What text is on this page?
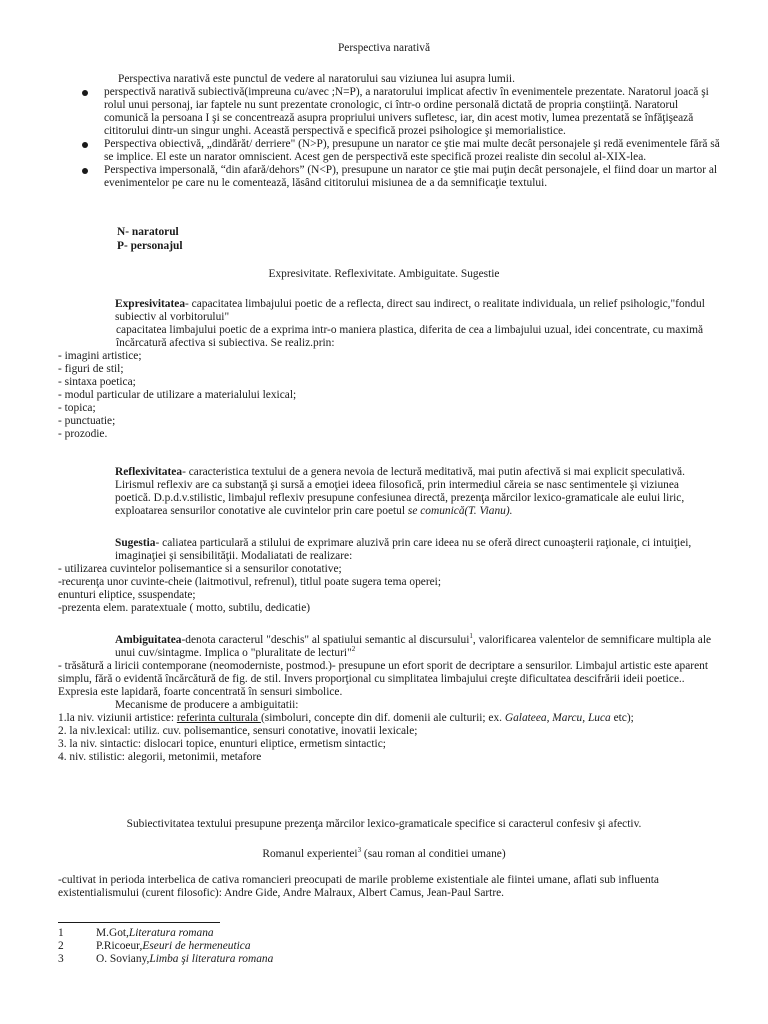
Perspectiva narativă
Perspectiva narativă este punctul de vedere al naratorului sau viziunea lui asupra lumii.
perspectivă narativă subiectivă(impreuna cu/avec ;N=P), a naratorului implicat afectiv în evenimentele prezentate. Naratorul joacă şi rolul unui personaj, iar faptele nu sunt prezentate cronologic, ci într-o ordine personală dictată de propria conştiinţă. Naratorul comunică la persoana I şi se concentrează asupra propriului univers sufletesc, iar, din acest motiv, lumea prezentată se înfăţişează cititorului dintr-un singur unghi. Această perspectivă e specifică prozei psihologice şi memorialistice.
Perspectiva obiectivă, „dindărăt/ derriere" (N>P), presupune un narator ce ştie mai multe decât personajele şi redă evenimentele fără să se implice. El este un narator omniscient. Acest gen de perspectivă este specifică prozei realiste din secolul al-XIX-lea.
Perspectiva impersonală, “din afară/dehors” (N<P), presupune un narator ce ştie mai puţin decât personajele, el fiind doar un martor al evenimentelor pe care nu le comentează, lăsând cititorului misiunea de a da semnificaţie textului.
N- naratorul
P- personajul
Expresivitate. Reflexivitate. Ambiguitate. Sugestie
Expresivitatea- capacitatea limbajului poetic de a reflecta, direct sau indirect, o realitate individuala, un relief psihologic,"fondul subiectiv al vorbitorului"
capacitatea limbajului poetic de a exprima intr-o maniera plastica, diferita de cea a limbajului uzual, idei concentrate, cu maximă încărcatură afectiva si subiectiva. Se realiz.prin:
- imagini artistice;
- figuri de stil;
- sintaxa poetica;
- modul particular de utilizare a materialului lexical;
- topica;
- punctuatie;
- prozodie.
Reflexivitatea- caracteristica textului de a genera nevoia de lectură meditativă, mai putin afectivă si mai explicit speculativă. Lirismul reflexiv are ca substanţă şi sursă a emoţiei ideea filosofică, prin intermediul căreia se nasc sentimentele şi viziunea poetică. D.p.d.v.stilistic, limbajul reflexiv presupune confesiunea directă, prezenţa mărcilor lexico-gramaticale ale eului liric, exploatarea sensurilor conotative ale cuvintelor prin care poetul se comunică(T. Vianu).
Sugestia- caliatea particulară a stilului de exprimare aluzivă prin care ideea nu se oferă direct cunoaşterii raţionale, ci intuiţiei, imaginaţiei şi sensibilităţii. Modaliatati de realizare:
- utilizarea cuvintelor polisemantice si a sensurilor conotative;
-recurenţa unor cuvinte-cheie (laitmotivul, refrenul), titlul poate sugera tema operei;
enunturi eliptice, ssuspendate;
-prezenta elem. paratextuale ( motto, subtilu, dedicatie)
Ambiguitatea-denota caracterul "deschis" al spatiului semantic al discursului$^1$, valorificarea valentelor de semnificare multipla ale unui cuv/sintagme. Implica o "pluralitate de lecturi"$^2$
- trăsătură a liricii contemporane (neomoderniste, postmod.)- presupune un efort sporit de decriptare a sensurilor. Limbajul artistic este aparent simplu, fără o evidentă încărcătură de fig. de stil. Invers proporţional cu simplitatea limbajului creşte dificultatea descifrării ideii poetice.. Expresia este lapidară, foarte concentrată în sensuri simbolice.
Mecanisme de producere a ambiguitatii:
1.la niv. viziunii artistice: referinta culturala (simboluri, concepte din dif. domenii ale culturii; ex. Galateea, Marcu, Luca etc);
2. la niv.lexical: utiliz. cuv. polisemantice, sensuri conotative, inovatii lexicale;
3. la niv. sintactic: dislocari topice, enunturi eliptice, ermetism sintactic;
4. niv. stilistic: alegorii, metonimii, metafore
Subiectivitatea textului presupune prezenţa mărcilor lexico-gramaticale specifice si caracterul confesiv şi afectiv.
Romanul experientei$^3$ (sau roman al conditiei umane)
-cultivat in perioda interbelica de cativa romancieri preocupati de marile probleme existentiale ale fiintei umane, aflati sub influenta existentialismului (curent filosofic): Andre Gide, Andre Malraux, Albert Camus, Jean-Paul Sartre.
1	M.Got, Literatura romana
2	P.Ricoeur, Eseuri de hermeneutica
3	O. Soviany, Limba şi literatura romana
